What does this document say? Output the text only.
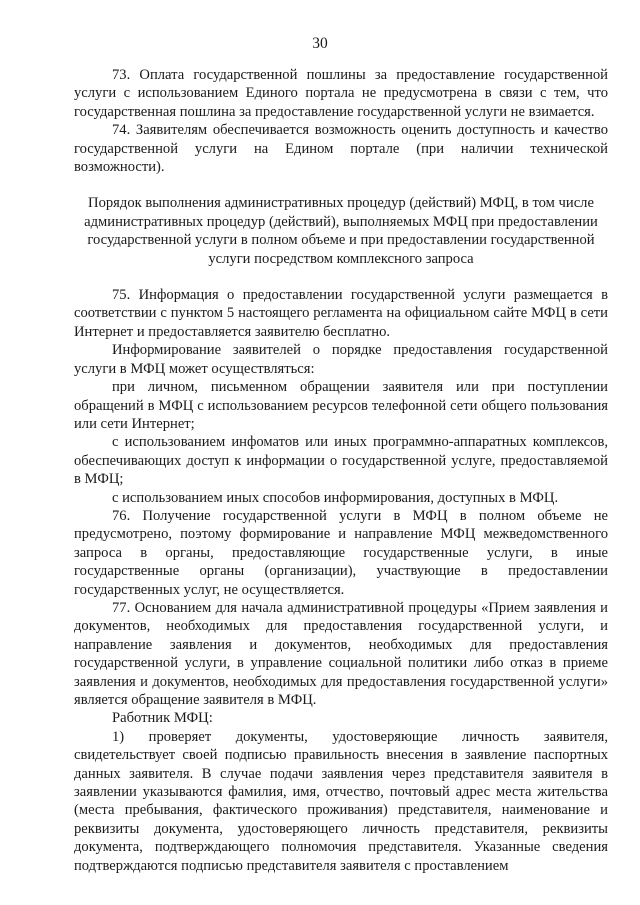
30

73. Оплата государственной пошлины за предоставление государственной услуги с использованием Единого портала не предусмотрена в связи с тем, что государственная пошлина за предоставление государственной услуги не взимается.

74. Заявителям обеспечивается возможность оценить доступность и качество государственной услуги на Едином портале (при наличии технической возможности).

Порядок выполнения административных процедур (действий) МФЦ, в том числе административных процедур (действий), выполняемых МФЦ при предоставлении государственной услуги в полном объеме и при предоставлении государственной услуги посредством комплексного запроса

75. Информация о предоставлении государственной услуги размещается в соответствии с пунктом 5 настоящего регламента на официальном сайте МФЦ в сети Интернет и предоставляется заявителю бесплатно.

Информирование заявителей о порядке предоставления государственной услуги в МФЦ может осуществляться:

при личном, письменном обращении заявителя или при поступлении обращений в МФЦ с использованием ресурсов телефонной сети общего пользования или сети Интернет;

с использованием инфоматов или иных программно-аппаратных комплексов, обеспечивающих доступ к информации о государственной услуге, предоставляемой в МФЦ;

с использованием иных способов информирования, доступных в МФЦ.

76. Получение государственной услуги в МФЦ в полном объеме не предусмотрено, поэтому формирование и направление МФЦ межведомственного запроса в органы, предоставляющие государственные услуги, в иные государственные органы (организации), участвующие в предоставлении государственных услуг, не осуществляется.

77. Основанием для начала административной процедуры «Прием заявления и документов, необходимых для предоставления государственной услуги, и направление заявления и документов, необходимых для предоставления государственной услуги, в управление социальной политики либо отказ в приеме заявления и документов, необходимых для предоставления государственной услуги» является обращение заявителя в МФЦ.

Работник МФЦ:

1) проверяет документы, удостоверяющие личность заявителя, свидетельствует своей подписью правильность внесения в заявление паспортных данных заявителя. В случае подачи заявления через представителя заявителя в заявлении указываются фамилия, имя, отчество, почтовый адрес места жительства (места пребывания, фактического проживания) представителя, наименование и реквизиты документа, удостоверяющего личность представителя, реквизиты документа, подтверждающего полномочия представителя. Указанные сведения подтверждаются подписью представителя заявителя с проставлением
